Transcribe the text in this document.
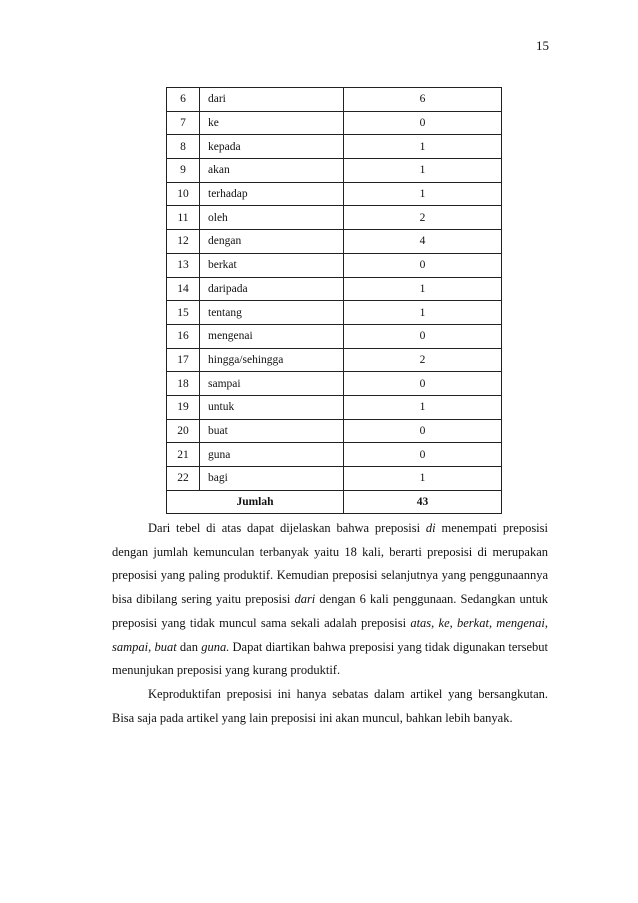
15
6	dari	6
7	ke	0
8	kepada	1
9	akan	1
10	terhadap	1
11	oleh	2
12	dengan	4
13	berkat	0
14	daripada	1
15	tentang	1
16	mengenai	0
17	hingga/sehingga	2
18	sampai	0
19	untuk	1
20	buat	0
21	guna	0
22	bagi	1
Jumlah		43

Dari tebel di atas dapat dijelaskan bahwa preposisi di menempati preposisi dengan jumlah kemunculan terbanyak yaitu 18 kali, berarti preposisi di merupakan preposisi yang paling produktif. Kemudian preposisi selanjutnya yang penggunaannya bisa dibilang sering yaitu preposisi dari dengan 6 kali penggunaan. Sedangkan untuk preposisi yang tidak muncul sama sekali adalah preposisi atas, ke, berkat, mengenai, sampai, buat dan guna. Dapat diartikan bahwa preposisi yang tidak digunakan tersebut menunjukan preposisi yang kurang produktif.

Keproduktifan preposisi ini hanya sebatas dalam artikel yang bersangkutan. Bisa saja pada artikel yang lain preposisi ini akan muncul, bahkan lebih banyak.
